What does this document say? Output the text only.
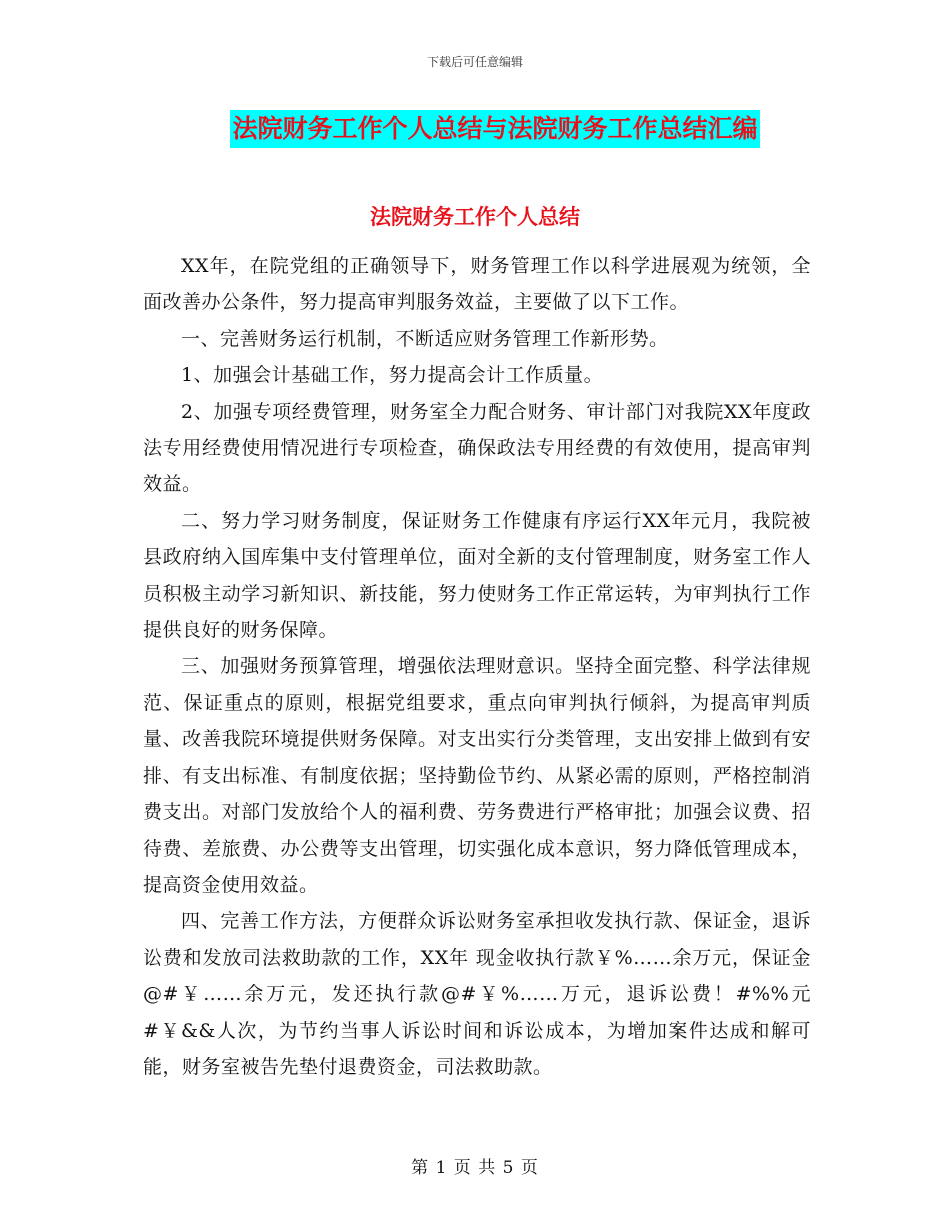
下载后可任意编辑
法院财务工作个人总结与法院财务工作总结汇编
法院财务工作个人总结

XX年，在院党组的正确领导下，财务管理工作以科学进展观为统领，全面改善办公条件，努力提高审判服务效益，主要做了以下工作。

一、完善财务运行机制，不断适应财务管理工作新形势。

1、加强会计基础工作，努力提高会计工作质量。

2、加强专项经费管理，财务室全力配合财务、审计部门对我院XX年度政法专用经费使用情况进行专项检查，确保政法专用经费的有效使用，提高审判效益。

二、努力学习财务制度，保证财务工作健康有序运行XX年元月，我院被县政府纳入国库集中支付管理单位，面对全新的支付管理制度，财务室工作人员积极主动学习新知识、新技能，努力使财务工作正常运转，为审判执行工作提供良好的财务保障。

三、加强财务预算管理，增强依法理财意识。坚持全面完整、科学法律规范、保证重点的原则，根据党组要求，重点向审判执行倾斜，为提高审判质量、改善我院环境提供财务保障。对支出实行分类管理，支出安排上做到有安排、有支出标准、有制度依据；坚持勤俭节约、从紧必需的原则，严格控制消费支出。对部门发放给个人的福利费、劳务费进行严格审批；加强会议费、招待费、差旅费、办公费等支出管理，切实强化成本意识，努力降低管理成本，提高资金使用效益。

四、完善工作方法，方便群众诉讼财务室承担收发执行款、保证金，退诉讼费和发放司法救助款的工作，XX年 现金收执行款￥%……余万元，保证金@#￥……余万元，发还执行款@#￥%……万元，退诉讼费！#%%元#￥&&人次，为节约当事人诉讼时间和诉讼成本，为增加案件达成和解可能，财务室被告先垫付退费资金，司法救助款。

第 1 页 共 5 页
